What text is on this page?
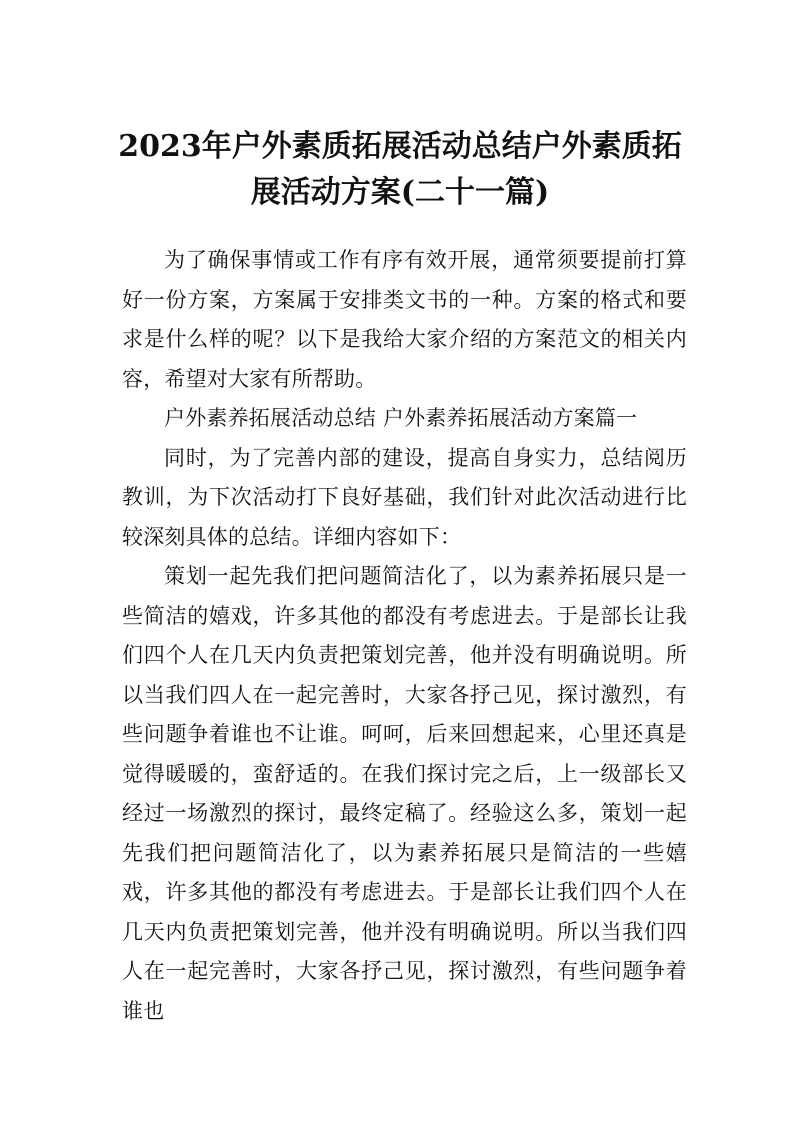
2023年户外素质拓展活动总结户外素质拓
展活动方案(二十一篇)

为了确保事情或工作有序有效开展，通常须要提前打算好一份方案，方案属于安排类文书的一种。方案的格式和要求是什么样的呢？以下是我给大家介绍的方案范文的相关内容，希望对大家有所帮助。

户外素养拓展活动总结 户外素养拓展活动方案篇一

同时，为了完善内部的建设，提高自身实力，总结阅历教训，为下次活动打下良好基础，我们针对此次活动进行比较深刻具体的总结。详细内容如下：

策划一起先我们把问题简洁化了，以为素养拓展只是一些简洁的嬉戏，许多其他的都没有考虑进去。于是部长让我们四个人在几天内负责把策划完善，他并没有明确说明。所以当我们四人在一起完善时，大家各抒己见，探讨激烈，有些问题争着谁也不让谁。呵呵，后来回想起来，心里还真是觉得暖暖的，蛮舒适的。在我们探讨完之后，上一级部长又经过一场激烈的探讨，最终定稿了。经验这么多，策划一起先我们把问题简洁化了，以为素养拓展只是简洁的一些嬉戏，许多其他的都没有考虑进去。于是部长让我们四个人在几天内负责把策划完善，他并没有明确说明。所以当我们四人在一起完善时，大家各抒己见，探讨激烈，有些问题争着谁也
